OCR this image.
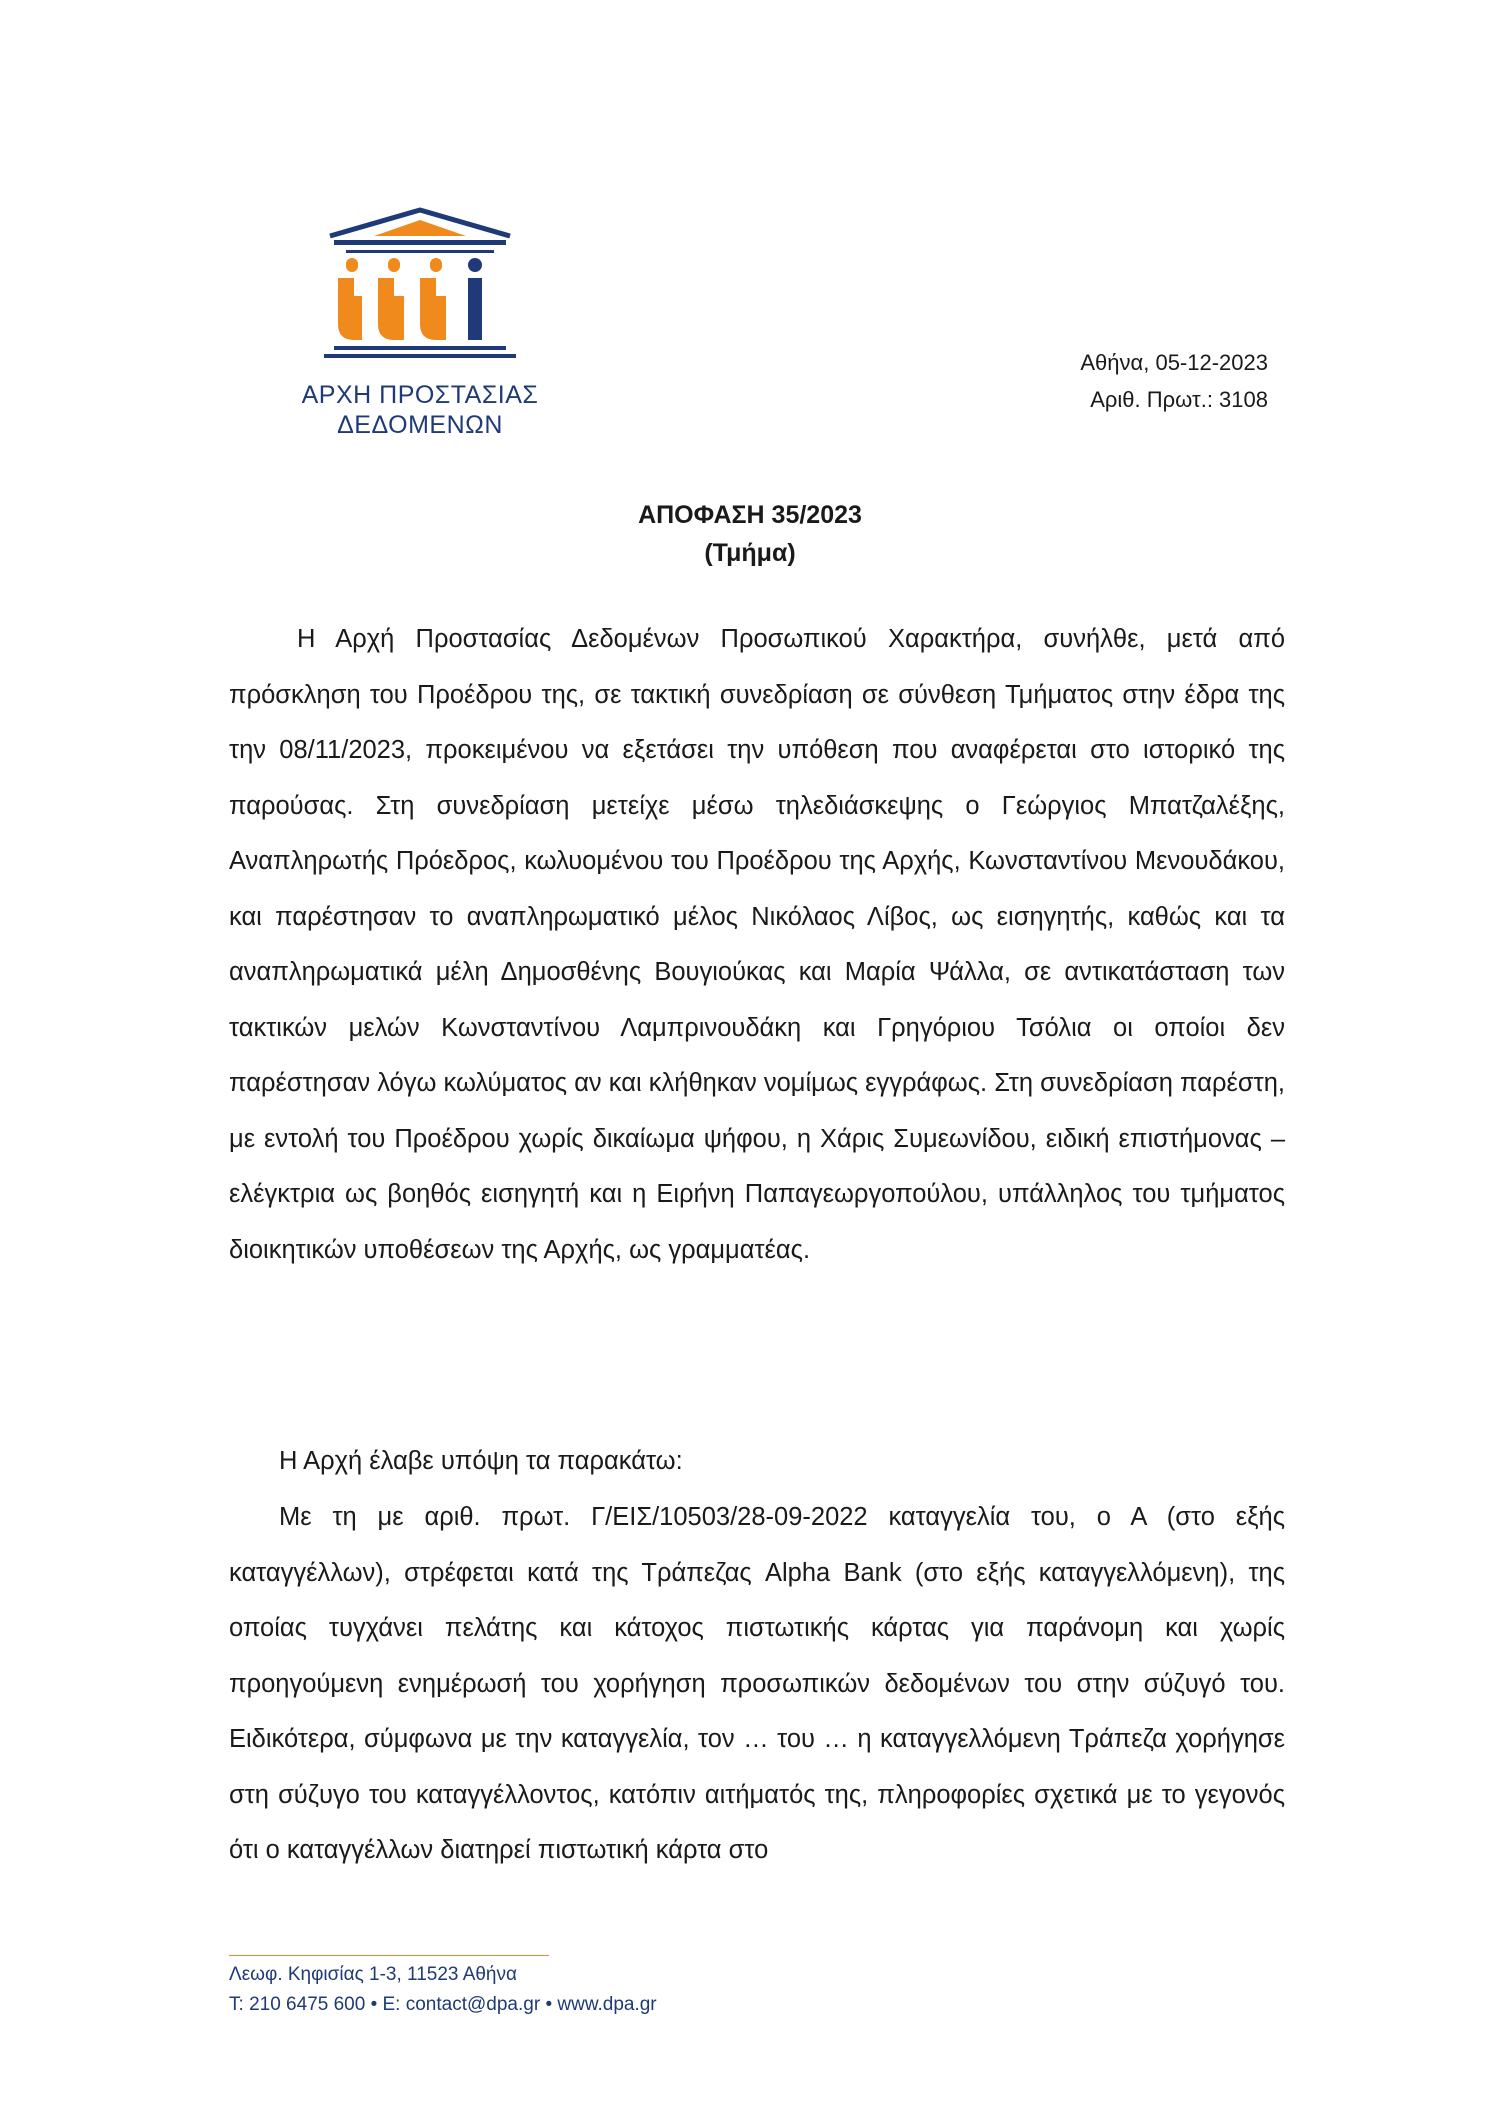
ΑΡΧΗ ΠΡΟΣΤΑΣΙΑΣ
ΔΕΔΟΜΕΝΩΝ
Αθήνα, 05-12-2023
Αριθ. Πρωτ.: 3108
ΑΠΟΦΑΣΗ 35/2023
(Τμήμα)

Η Αρχή Προστασίας Δεδομένων Προσωπικού Χαρακτήρα, συνήλθε, μετά από πρόσκληση του Προέδρου της, σε τακτική συνεδρίαση σε σύνθεση Τμήματος στην έδρα της την 08/11/2023, προκειμένου να εξετάσει την υπόθεση που αναφέρεται στο ιστορικό της παρούσας. Στη συνεδρίαση μετείχε μέσω τηλεδιάσκεψης ο Γεώργιος Μπατζαλέξης, Αναπληρωτής Πρόεδρος, κωλυομένου του Προέδρου της Αρχής, Κωνσταντίνου Μενουδάκου, και παρέστησαν το αναπληρωματικό μέλος Νικόλαος Λίβος, ως εισηγητής, καθώς και τα αναπληρωματικά μέλη Δημοσθένης Βουγιούκας και Μαρία Ψάλλα, σε αντικατάσταση των τακτικών μελών Κωνσταντίνου Λαμπρινουδάκη και Γρηγόριου Τσόλια οι οποίοι δεν παρέστησαν λόγω κωλύματος αν και κλήθηκαν νομίμως εγγράφως. Στη συνεδρίαση παρέστη, με εντολή του Προέδρου χωρίς δικαίωμα ψήφου, η Χάρις Συμεωνίδου, ειδική επιστήμονας – ελέγκτρια ως βοηθός εισηγητή και η Ειρήνη Παπαγεωργοπούλου, υπάλληλος του τμήματος διοικητικών υποθέσεων της Αρχής, ως γραμματέας.

Η Αρχή έλαβε υπόψη τα παρακάτω:

Με τη με αριθ. πρωτ. Γ/ΕΙΣ/10503/28-09-2022 καταγγελία του, ο Α (στο εξής καταγγέλλων), στρέφεται κατά της Τράπεζας Alpha Bank (στο εξής καταγγελλόμενη), της οποίας τυγχάνει πελάτης και κάτοχος πιστωτικής κάρτας για παράνομη και χωρίς προηγούμενη ενημέρωσή του χορήγηση προσωπικών δεδομένων του στην σύζυγό του. Ειδικότερα, σύμφωνα με την καταγγελία, τον … του … η καταγγελλόμενη Τράπεζα χορήγησε στη σύζυγο του καταγγέλλοντος, κατόπιν αιτήματός της, πληροφορίες σχετικά με το γεγονός ότι ο καταγγέλλων διατηρεί πιστωτική κάρτα στο

Λεωφ. Κηφισίας 1-3, 11523 Αθήνα
Τ: 210 6475 600 • E: contact@dpa.gr • www.dpa.gr
